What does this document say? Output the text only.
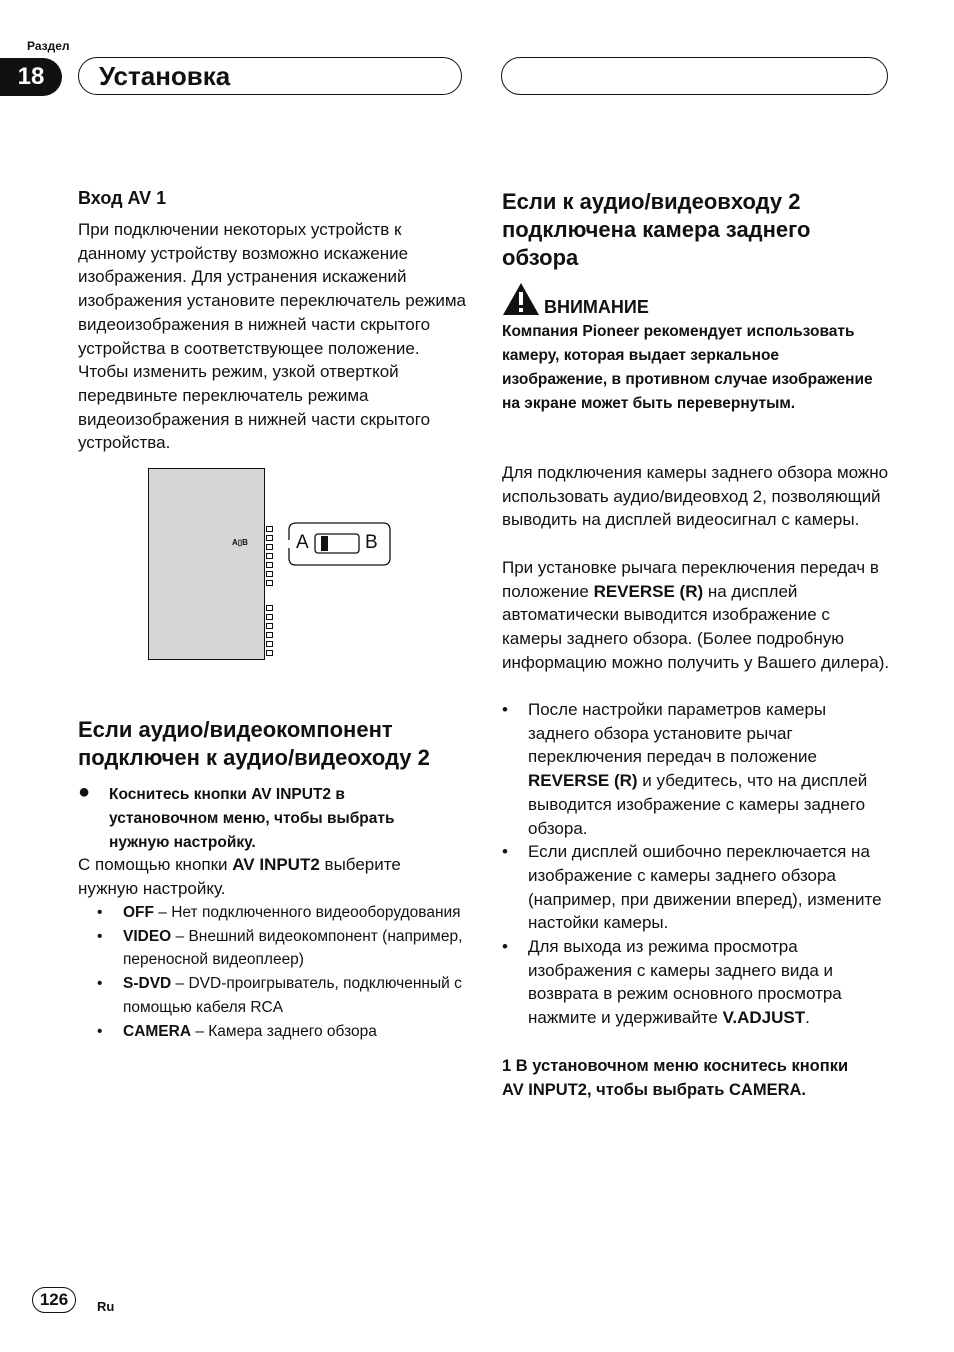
Раздел
18	Установка
Вход AV 1
При подключении некоторых устройств к данному устройству возможно искажение изображения. Для устранения искажений изображения установите переключатель режима видеоизображения в нижней части скрытого устройства в соответствующее положение. Чтобы изменить режим, узкой отверткой передвиньте переключатель режима видеоизображения в нижней части скрытого устройства.
A▯B	A	B
Если аудио/видеокомпонент подключен к аудио/видеоходу 2
●	Коснитесь кнопки AV INPUT2 в установочном меню, чтобы выбрать нужную настройку.
С помощью кнопки AV INPUT2 выберите нужную настройку.
• OFF – Нет подключенного видеооборудования
• VIDEO – Внешний видеокомпонент (например, переносной видеоплеер)
• S-DVD – DVD-проигрыватель, подключенный с помощью кабеля RCA
• CAMERA – Камера заднего обзора
Если к аудио/видеовходу 2 подключена камера заднего обзора
ВНИМАНИЕ
Компания Pioneer рекомендует использовать камеру, которая выдает зеркальное изображение, в противном случае изображение на экране может быть перевернутым.
Для подключения камеры заднего обзора можно использовать аудио/видеовход 2, позволяющий выводить на дисплей видеосигнал с камеры.
При установке рычага переключения передач в положение REVERSE (R) на дисплей автоматически выводится изображение с камеры заднего обзора. (Более подробную информацию можно получить у Вашего дилера).
• После настройки параметров камеры заднего обзора установите рычаг переключения передач в положение REVERSE (R) и убедитесь, что на дисплей выводится изображение с камеры заднего обзора.
• Если дисплей ошибочно переключается на изображение с камеры заднего обзора (например, при движении вперед), измените настойки камеры.
• Для выхода из режима просмотра изображения с камеры заднего вида и возврата в режим основного просмотра нажмите и удерживайте V.ADJUST.
1 В установочном меню коснитесь кнопки AV INPUT2, чтобы выбрать CAMERA.
126	Ru
